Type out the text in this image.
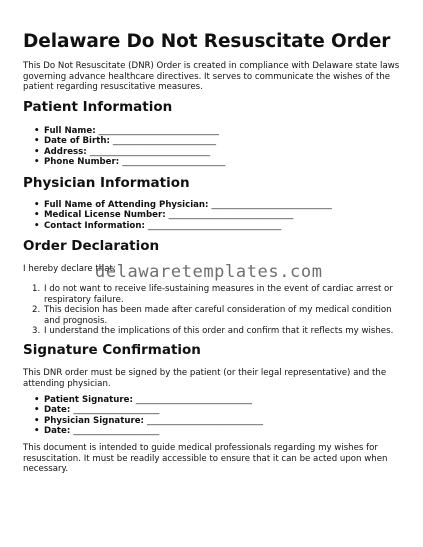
Delaware Do Not Resuscitate Order

This Do Not Resuscitate (DNR) Order is created in compliance with Delaware state laws governing advance healthcare directives. It serves to communicate the wishes of the patient regarding resuscitative measures.

Patient Information
• Full Name: ____________________________
• Date of Birth: ________________________
• Address: ____________________________
• Phone Number: ________________________
Physician Information
• Full Name of Attending Physician: ____________________________
• Medical License Number: _____________________________
• Contact Information: _______________________________
Order Declaration

I hereby declare that:

1. I do not want to receive life-sustaining measures in the event of cardiac arrest or respiratory failure.
2. This decision has been made after careful consideration of my medical condition and prognosis.
3. I understand the implications of this order and confirm that it reflects my wishes.
Signature Confirmation

This DNR order must be signed by the patient (or their legal representative) and the attending physician.

• Patient Signature: ___________________________
• Date: ____________________
• Physician Signature: ___________________________
• Date: ____________________

This document is intended to guide medical professionals regarding my wishes for resuscitation. It must be readily accessible to ensure that it can be acted upon when necessary.

delawaretemplates.com
